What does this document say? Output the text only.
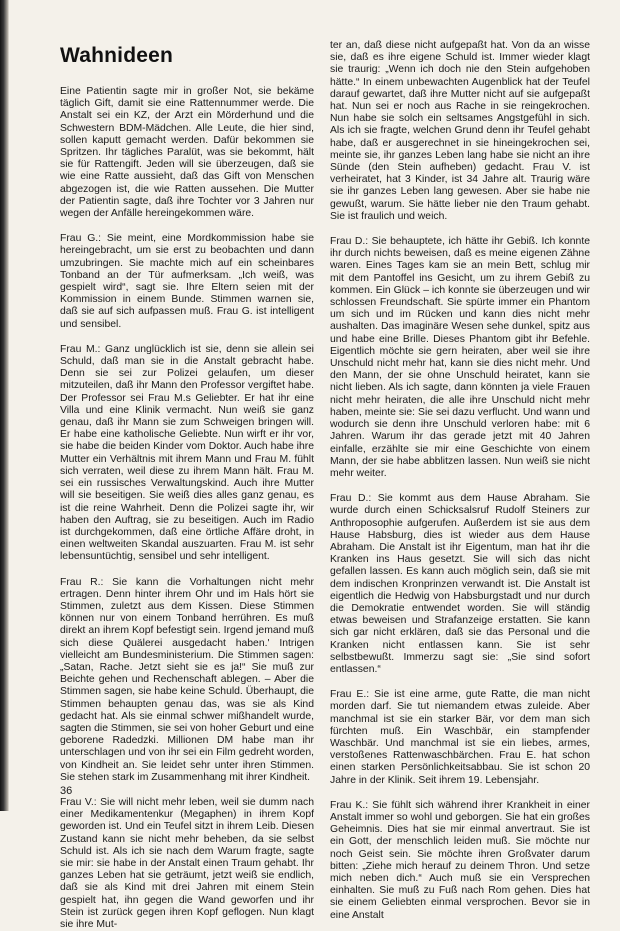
Wahnideen

Eine Patientin sagte mir in großer Not, sie bekäme täglich Gift, damit sie eine Rattennummer werde. Die Anstalt sei ein KZ, der Arzt ein Mörderhund und die Schwestern BDM-Mädchen. Alle Leute, die hier sind, sollen kaputt gemacht werden. Dafür bekommen sie Spritzen. Ihr tägliches Paralüt, was sie bekommt, hält sie für Rattengift. Jeden will sie überzeugen, daß sie wie eine Ratte aussieht, daß das Gift von Menschen abgezogen ist, die wie Ratten aussehen. Die Mutter der Patientin sagte, daß ihre Tochter vor 3 Jahren nur wegen der Anfälle hereingekommen wäre.

Frau G.: Sie meint, eine Mordkommission habe sie hereingebracht, um sie erst zu beobachten und dann umzubringen. Sie machte mich auf ein scheinbares Tonband an der Tür aufmerksam. „Ich weiß, was gespielt wird“, sagt sie. Ihre Eltern seien mit der Kommission in einem Bunde. Stimmen warnen sie, daß sie auf sich aufpassen muß. Frau G. ist intelligent und sensibel.

Frau M.: Ganz unglücklich ist sie, denn sie allein sei Schuld, daß man sie in die Anstalt gebracht habe. Denn sie sei zur Polizei gelaufen, um dieser mitzuteilen, daß ihr Mann den Professor vergiftet habe. Der Professor sei Frau M.s Geliebter. Er hat ihr eine Villa und eine Klinik vermacht. Nun weiß sie ganz genau, daß ihr Mann sie zum Schweigen bringen will. Er habe eine katholische Geliebte. Nun wirft er ihr vor, sie habe die beiden Kinder vom Doktor. Auch habe ihre Mutter ein Verhältnis mit ihrem Mann und Frau M. fühlt sich verraten, weil diese zu ihrem Mann hält. Frau M. sei ein russisches Verwaltungskind. Auch ihre Mutter will sie beseitigen. Sie weiß dies alles ganz genau, es ist die reine Wahrheit. Denn die Polizei sagte ihr, wir haben den Auftrag, sie zu beseitigen. Auch im Radio ist durchgekommen, daß eine örtliche Affäre droht, in einen weltweiten Skandal auszuarten. Frau M. ist sehr lebensuntüchtig, sensibel und sehr intelligent.

Frau R.: Sie kann die Vorhaltungen nicht mehr ertragen. Denn hinter ihrem Ohr und im Hals hört sie Stimmen, zuletzt aus dem Kissen. Diese Stimmen können nur von einem Tonband herrühren. Es muß direkt an ihrem Kopf befestigt sein. Irgend jemand muß sich diese Quälerei ausgedacht haben.' Intrigen vielleicht am Bundesministerium. Die Stimmen sagen: „Satan, Rache. Jetzt sieht sie es ja!“ Sie muß zur Beichte gehen und Rechenschaft ablegen. – Aber die Stimmen sagen, sie habe keine Schuld. Überhaupt, die Stimmen behaupten genau das, was sie als Kind gedacht hat. Als sie einmal schwer mißhandelt wurde, sagten die Stimmen, sie sei von hoher Geburt und eine geborene Radedzki. Millionen DM habe man ihr unterschlagen und von ihr sei ein Film gedreht worden, von Kindheit an. Sie leidet sehr unter ihren Stimmen. Sie stehen stark im Zusammenhang mit ihrer Kindheit.

Frau V.: Sie will nicht mehr leben, weil sie dumm nach einer Medikamentenkur (Megaphen) in ihrem Kopf geworden ist. Und ein Teufel sitzt in ihrem Leib. Diesen Zustand kann sie nicht mehr beheben, da sie selbst Schuld ist. Als ich sie nach dem Warum fragte, sagte sie mir: sie habe in der Anstalt einen Traum gehabt. Ihr ganzes Leben hat sie geträumt, jetzt weiß sie endlich, daß sie als Kind mit drei Jahren mit einem Stein gespielt hat, ihn gegen die Wand geworfen und ihr Stein ist zurück gegen ihren Kopf geflogen. Nun klagt sie ihre Mut-

ter an, daß diese nicht aufgepaßt hat. Von da an wisse sie, daß es ihre eigene Schuld ist. Immer wieder klagt sie traurig: „Wenn ich doch nie den Stein aufgehoben hätte.“ In einem unbewachten Augenblick hat der Teufel darauf gewartet, daß ihre Mutter nicht auf sie aufgepaßt hat. Nun sei er noch aus Rache in sie reingekrochen. Nun habe sie solch ein seltsames Angstgefühl in sich. Als ich sie fragte, welchen Grund denn ihr Teufel gehabt habe, daß er ausgerechnet in sie hineingekrochen sei, meinte sie, ihr ganzes Leben lang habe sie nicht an ihre Sünde (den Stein aufheben) gedacht. Frau V. ist verheiratet, hat 3 Kinder, ist 34 Jahre alt. Traurig wäre sie ihr ganzes Leben lang gewesen. Aber sie habe nie gewußt, warum. Sie hätte lieber nie den Traum gehabt. Sie ist fraulich und weich.

Frau D.: Sie behauptete, ich hätte ihr Gebiß. Ich konnte ihr durch nichts beweisen, daß es meine eigenen Zähne waren. Eines Tages kam sie an mein Bett, schlug mir mit dem Pantoffel ins Gesicht, um zu ihrem Gebiß zu kommen. Ein Glück – ich konnte sie überzeugen und wir schlossen Freundschaft. Sie spürte immer ein Phantom um sich und im Rücken und kann dies nicht mehr aushalten. Das imaginäre Wesen sehe dunkel, spitz aus und habe eine Brille. Dieses Phantom gibt ihr Befehle. Eigentlich möchte sie gern heiraten, aber weil sie ihre Unschuld nicht mehr hat, kann sie dies nicht mehr. Und den Mann, der sie ohne Unschuld heiratet, kann sie nicht lieben. Als ich sagte, dann könnten ja viele Frauen nicht mehr heiraten, die alle ihre Unschuld nicht mehr haben, meinte sie: Sie sei dazu verflucht. Und wann und wodurch sie denn ihre Unschuld verloren habe: mit 6 Jahren. Warum ihr das gerade jetzt mit 40 Jahren einfalle, erzählte sie mir eine Geschichte von einem Mann, der sie habe abblitzen lassen. Nun weiß sie nicht mehr weiter.

Frau D.: Sie kommt aus dem Hause Abraham. Sie wurde durch einen Schicksalsruf Rudolf Steiners zur Anthroposophie aufgerufen. Außerdem ist sie aus dem Hause Habsburg, dies ist wieder aus dem Hause Abraham. Die Anstalt ist ihr Eigentum, man hat ihr die Kranken ins Haus gesetzt. Sie will sich das nicht gefallen lassen. Es kann auch möglich sein, daß sie mit dem indischen Kronprinzen verwandt ist. Die Anstalt ist eigentlich die Hedwig von Habsburgstadt und nur durch die Demokratie entwendet worden. Sie will ständig etwas beweisen und Strafanzeige erstatten. Sie kann sich gar nicht erklären, daß sie das Personal und die Kranken nicht entlassen kann. Sie ist sehr selbstbewußt. Immerzu sagt sie: „Sie sind sofort entlassen.“

Frau E.: Sie ist eine arme, gute Ratte, die man nicht morden darf. Sie tut niemandem etwas zuleide. Aber manchmal ist sie ein starker Bär, vor dem man sich fürchten muß. Ein Waschbär, ein stampfender Waschbär. Und manchmal ist sie ein liebes, armes, verstoßenes Rattenwaschbärchen. Frau E. hat schon einen starken Persönlichkeitsabbau. Sie ist schon 20 Jahre in der Klinik. Seit ihrem 19. Lebensjahr.

Frau K.: Sie fühlt sich während ihrer Krankheit in einer Anstalt immer so wohl und geborgen. Sie hat ein großes Geheimnis. Dies hat sie mir einmal anvertraut. Sie ist ein Gott, der menschlich leiden muß. Sie möchte nur noch Geist sein. Sie möchte ihren Großvater darum bitten: „Ziehe mich herauf zu deinem Thron. Und setze mich neben dich.“ Auch muß sie ein Versprechen einhalten. Sie muß zu Fuß nach Rom gehen. Dies hat sie einem Geliebten einmal versprochen. Bevor sie in eine Anstalt

36
